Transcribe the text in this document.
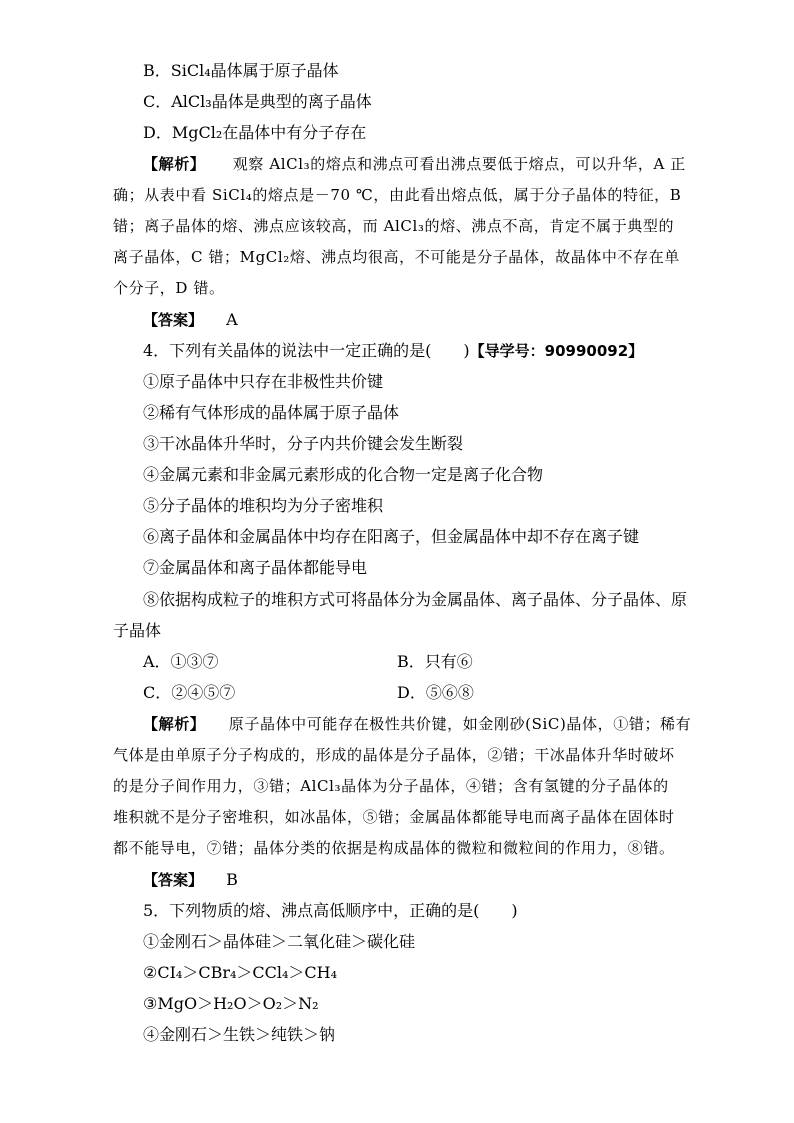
B．SiCl₄晶体属于原子晶体
C．AlCl₃晶体是典型的离子晶体
D．MgCl₂在晶体中有分子存在
【解析】 观察 AlCl₃的熔点和沸点可看出沸点要低于熔点，可以升华，A 正
确；从表中看 SiCl₄的熔点是－70 ℃，由此看出熔点低，属于分子晶体的特征，B
错；离子晶体的熔、沸点应该较高，而 AlCl₃的熔、沸点不高，肯定不属于典型的
离子晶体，C 错；MgCl₂熔、沸点均很高，不可能是分子晶体，故晶体中不存在单
个分子，D 错。
【答案】 A
4．下列有关晶体的说法中一定正确的是(　　)【导学号：90990092】
①原子晶体中只存在非极性共价键
②稀有气体形成的晶体属于原子晶体
③干冰晶体升华时，分子内共价键会发生断裂
④金属元素和非金属元素形成的化合物一定是离子化合物
⑤分子晶体的堆积均为分子密堆积
⑥离子晶体和金属晶体中均存在阳离子，但金属晶体中却不存在离子键
⑦金属晶体和离子晶体都能导电
⑧依据构成粒子的堆积方式可将晶体分为金属晶体、离子晶体、分子晶体、原
子晶体
A．①③⑦	B．只有⑥
C．②④⑤⑦	D．⑤⑥⑧
【解析】 原子晶体中可能存在极性共价键，如金刚砂(SiC)晶体，①错；稀有
气体是由单原子分子构成的，形成的晶体是分子晶体，②错；干冰晶体升华时破坏
的是分子间作用力，③错；AlCl₃晶体为分子晶体，④错；含有氢键的分子晶体的
堆积就不是分子密堆积，如冰晶体，⑤错；金属晶体都能导电而离子晶体在固体时
都不能导电，⑦错；晶体分类的依据是构成晶体的微粒和微粒间的作用力，⑧错。
【答案】 B
5．下列物质的熔、沸点高低顺序中，正确的是(　　)
①金刚石＞晶体硅＞二氧化硅＞碳化硅
②CI₄＞CBr₄＞CCl₄＞CH₄
③MgO＞H₂O＞O₂＞N₂
④金刚石＞生铁＞纯铁＞钠
